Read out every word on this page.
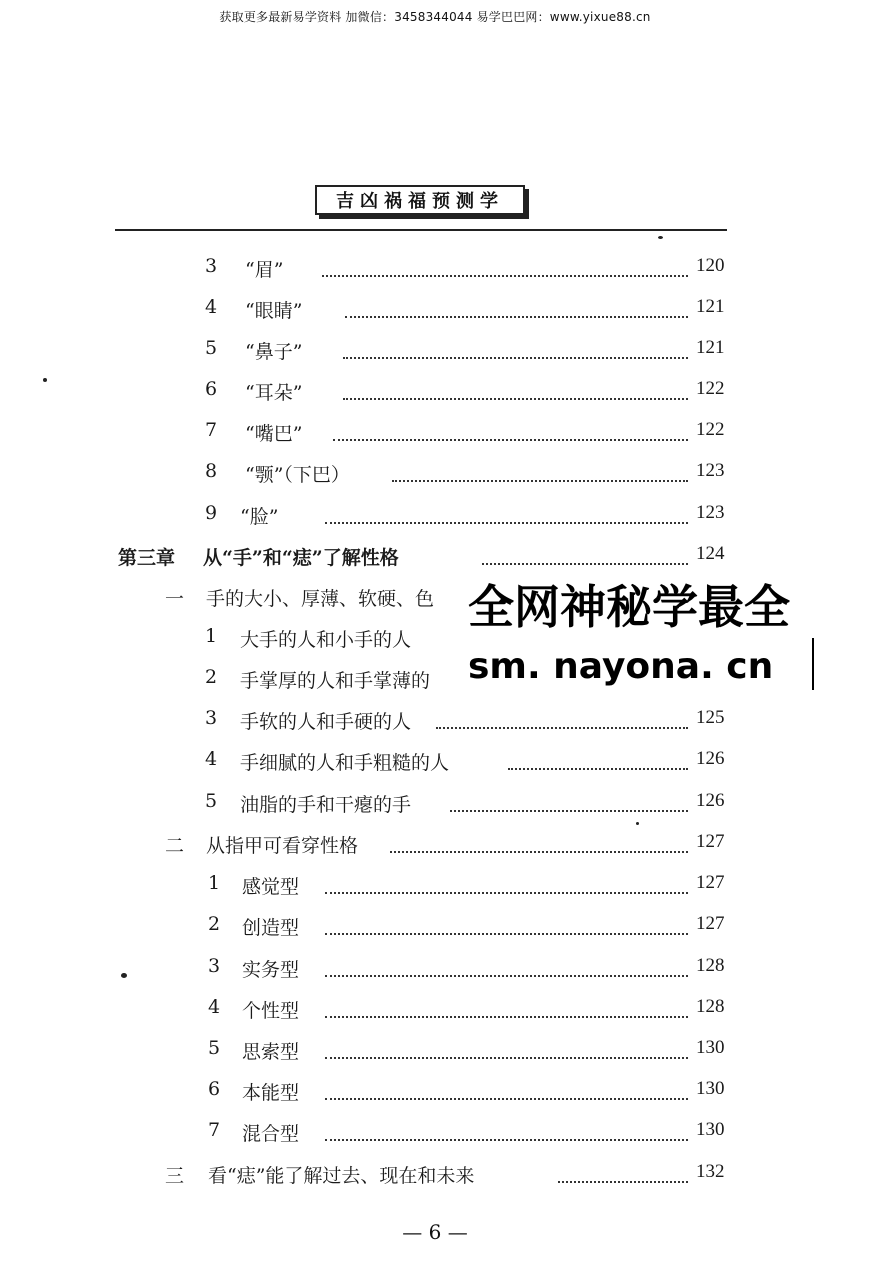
获取更多最新易学资料 加微信：3458344044 易学巴巴网：www.yixue88.cn
吉凶祸福预测学
3 “眉”	120
4 “眼睛”	121
5 “鼻子”	121
6 “耳朵”	122
7 “嘴巴”	122
8 “颚”（下巴）	123
9 “脸”	123
第三章 从“手”和“痣”了解性格	124
一 手的大小、厚薄、软硬、色
1 大手的人和小手的人
2 手掌厚的人和手掌薄的
3 手软的人和手硬的人	125
4 手细腻的人和手粗糙的人	126
5 油脂的手和干瘪的手	126
二 从指甲可看穿性格	127
1 感觉型	127
2 创造型	127
3 实务型	128
4 个性型	128
5 思索型	130
6 本能型	130
7 混合型	130
三 看“痣”能了解过去、现在和未来	132
全网神秘学最全
sm. nayona. cn
— 6 —
